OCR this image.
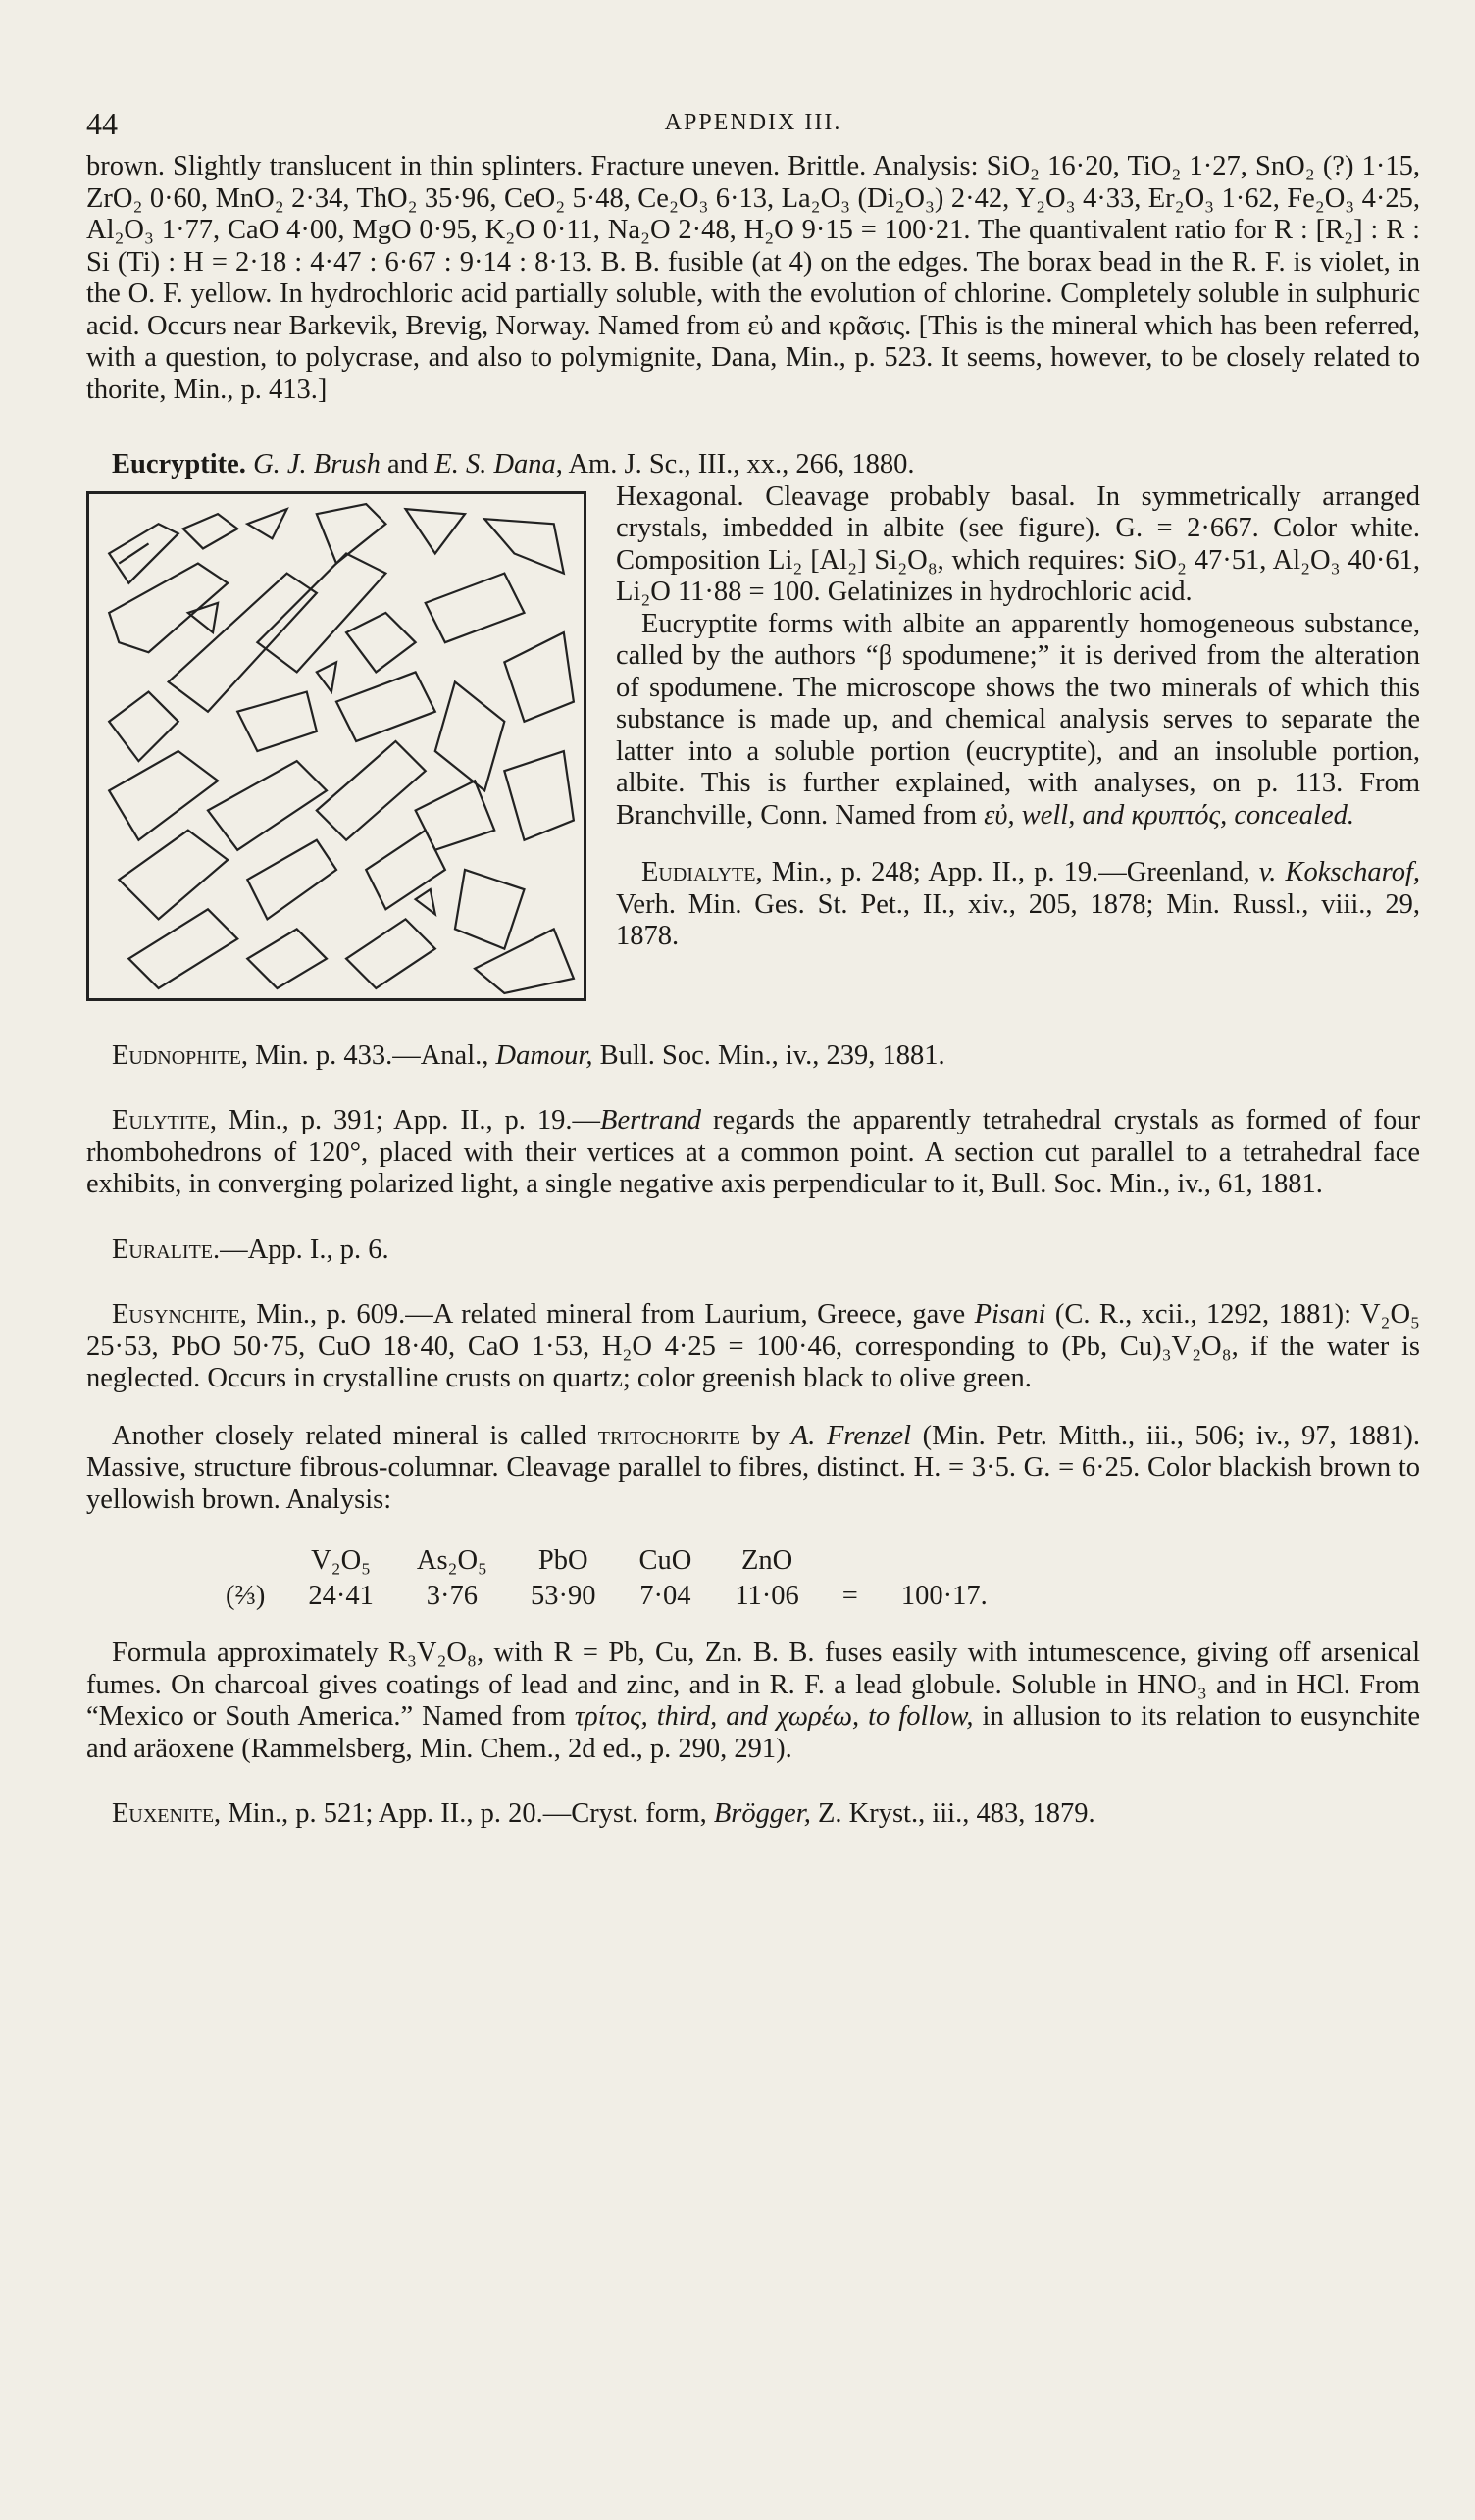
44	APPENDIX III.

brown. Slightly translucent in thin splinters. Fracture uneven. Brittle. Analysis: SiO₂ 16·20, TiO₂ 1·27, SnO₂ (?) 1·15, ZrO₂ 0·60, MnO₂ 2·34, ThO₂ 35·96, CeO₂ 5·48, Ce₂O₃ 6·13, La₂O₃ (Di₂O₃) 2·42, Y₂O₃ 4·33, Er₂O₃ 1·62, Fe₂O₃ 4·25, Al₂O₃ 1·77, CaO 4·00, MgO 0·95, K₂O 0·11, Na₂O 2·48, H₂O 9·15 = 100·21. The quantivalent ratio for R : [R₂] : R : Si (Ti) : H = 2·18 : 4·47 : 6·67 : 9·14 : 8·13. B. B. fusible (at 4) on the edges. The borax bead in the R. F. is violet, in the O. F. yellow. In hydrochloric acid partially soluble, with the evolution of chlorine. Completely soluble in sulphuric acid. Occurs near Barkevik, Brevig, Norway. Named from εὐ and κρᾶσις. [This is the mineral which has been referred, with a question, to polycrase, and also to polymignite, Dana, Min., p. 523. It seems, however, to be closely related to thorite, Min., p. 413.]

Eucryptite. G. J. Brush and E. S. Dana, Am. J. Sc., III., xx., 266, 1880.

Hexagonal. Cleavage probably basal. In symmetrically arranged crystals, imbedded in albite (see figure). G. = 2·667. Color white. Composition Li₂ [Al₂] Si₂O₈, which requires: SiO₂ 47·51, Al₂O₃ 40·61, Li₂O 11·88 = 100. Gelatinizes in hydrochloric acid.

Eucryptite forms with albite an apparently homogeneous substance, called by the authors “β spodumene;” it is derived from the alteration of spodumene. The microscope shows the two minerals of which this substance is made up, and chemical analysis serves to separate the latter into a soluble portion (eucryptite), and an insoluble portion, albite. This is further explained, with analyses, on p. 113. From Branchville, Conn. Named from εὐ, well, and κρυπτός, concealed.

Eudialyte, Min., p. 248; App. II., p. 19.—Greenland, v. Kokscharof, Verh. Min. Ges. St. Pet., II., xiv., 205, 1878; Min. Russl., viii., 29, 1878.

Eudnophite, Min. p. 433.—Anal., Damour, Bull. Soc. Min., iv., 239, 1881.

Eulytite, Min., p. 391; App. II., p. 19.—Bertrand regards the apparently tetrahedral crystals as formed of four rhombohedrons of 120°, placed with their vertices at a common point. A section cut parallel to a tetrahedral face exhibits, in converging polarized light, a single negative axis perpendicular to it, Bull. Soc. Min., iv., 61, 1881.

Euralite.—App. I., p. 6.

Eusynchite, Min., p. 609.—A related mineral from Laurium, Greece, gave Pisani (C. R., xcii., 1292, 1881): V₂O₅ 25·53, PbO 50·75, CuO 18·40, CaO 1·53, H₂O 4·25 = 100·46, corresponding to (Pb, Cu)₃V₂O₈, if the water is neglected. Occurs in crystalline crusts on quartz; color greenish black to olive green.

Another closely related mineral is called tritochorite by A. Frenzel (Min. Petr. Mitth., iii., 506; iv., 97, 1881). Massive, structure fibrous-columnar. Cleavage parallel to fibres, distinct. H. = 3·5. G. = 6·25. Color blackish brown to yellowish brown. Analysis:

	V₂O₅	As₂O₅	PbO	CuO	ZnO		
(⅔)	24·41	3·76	53·90	7·04	11·06	=	100·17.

Formula approximately R₃V₂O₈, with R = Pb, Cu, Zn. B. B. fuses easily with intumescence, giving off arsenical fumes. On charcoal gives coatings of lead and zinc, and in R. F. a lead globule. Soluble in HNO₃ and in HCl. From “Mexico or South America.” Named from τρίτος, third, and χωρέω, to follow, in allusion to its relation to eusynchite and aräoxene (Rammelsberg, Min. Chem., 2d ed., p. 290, 291).

Euxenite, Min., p. 521; App. II., p. 20.—Cryst. form, Brögger, Z. Kryst., iii., 483, 1879.
